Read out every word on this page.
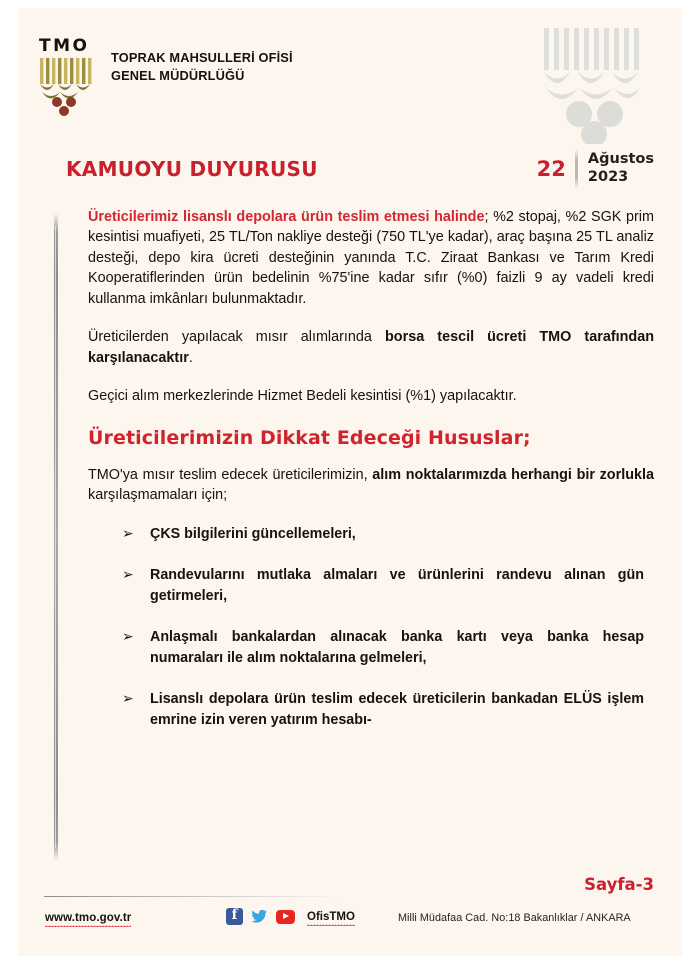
TMO
TOPRAK MAHSULLERİ OFİSİ
GENEL MÜDÜRLÜĞÜ
KAMUOYU DUYURUSU	22	Ağustos
2023

Üreticilerimiz lisanslı depolara ürün teslim etmesi halinde; %2 stopaj, %2 SGK prim kesintisi muafiyeti, 25 TL/Ton nakliye desteği (750 TL'ye kadar), araç başına 25 TL analiz desteği, depo kira ücreti desteğinin yanında T.C. Ziraat Bankası ve Tarım Kredi Kooperatiflerinden ürün bedelinin %75'ine kadar sıfır (%0) faizli 9 ay vadeli kredi kullanma imkânları bulunmaktadır.

Üreticilerden yapılacak mısır alımlarında borsa tescil ücreti TMO tarafından karşılanacaktır.

Geçici alım merkezlerinde Hizmet Bedeli kesintisi (%1) yapılacaktır.

Üreticilerimizin Dikkat Edeceği Hususlar;

TMO'ya mısır teslim edecek üreticilerimizin, alım noktalarımızda herhangi bir zorlukla karşılaşmamaları için;

➢ ÇKS bilgilerini güncellemeleri,
➢ Randevularını mutlaka almaları ve ürünlerini randevu alınan gün getirmeleri,
➢ Anlaşmalı bankalardan alınacak banka kartı veya banka hesap numaraları ile alım noktalarına gelmeleri,
➢ Lisanslı depolara ürün teslim edecek üreticilerin bankadan ELÜS işlem emrine izin veren yatırım hesabı-
Sayfa-3
www.tmo.gov.tr f	OfisTMO	Milli Müdafaa Cad. No:18 Bakanlıklar / ANKARA
